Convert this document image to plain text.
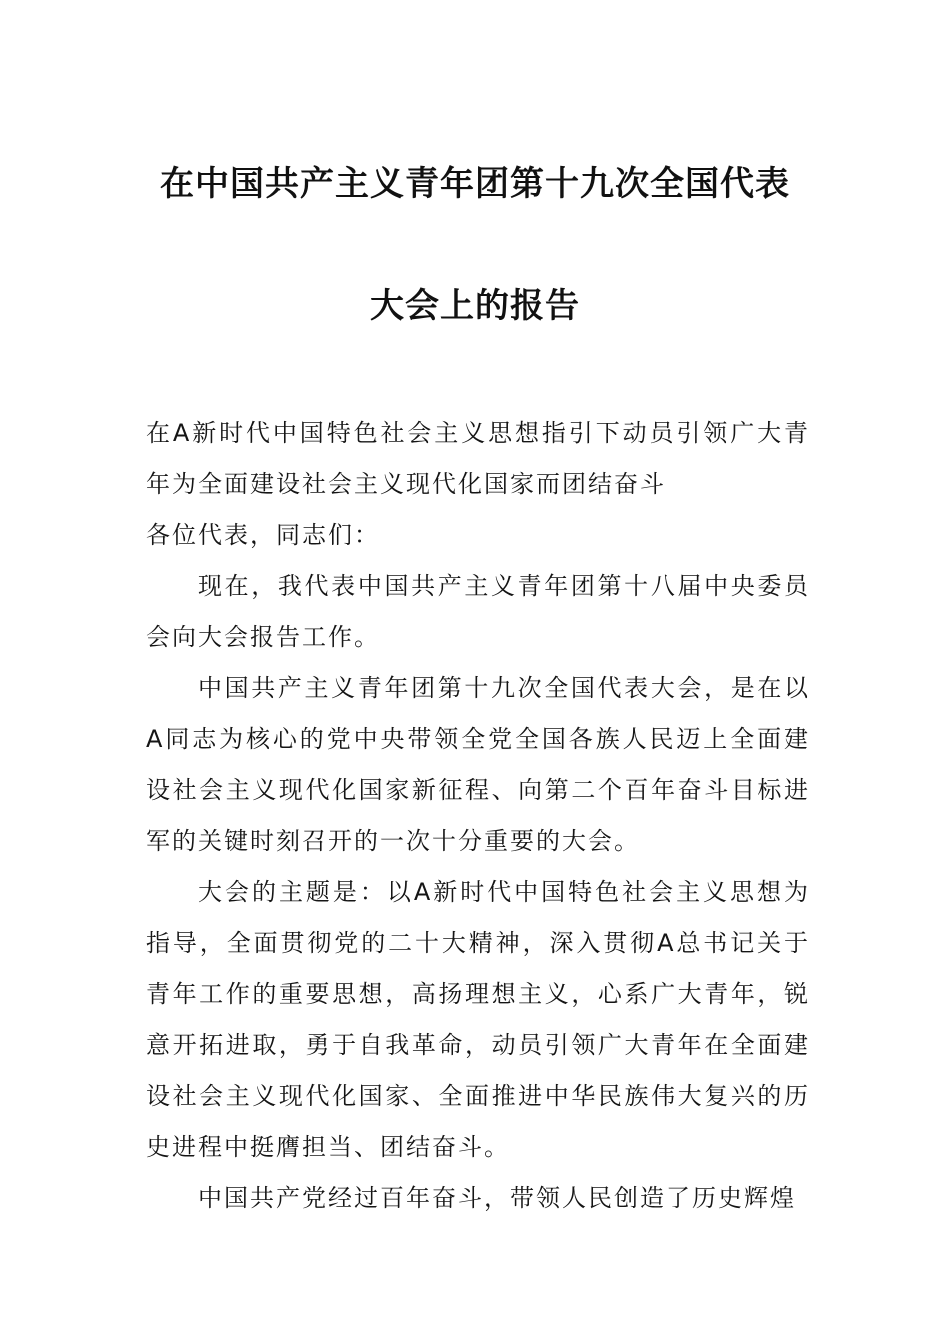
在中国共产主义青年团第十九次全国代表
大会上的报告

在A新时代中国特色社会主义思想指引下动员引领广大青年为全面建设社会主义现代化国家而团结奋斗

各位代表，同志们：

现在，我代表中国共产主义青年团第十八届中央委员会向大会报告工作。

中国共产主义青年团第十九次全国代表大会，是在以A同志为核心的党中央带领全党全国各族人民迈上全面建设社会主义现代化国家新征程、向第二个百年奋斗目标进军的关键时刻召开的一次十分重要的大会。

大会的主题是：以A新时代中国特色社会主义思想为指导，全面贯彻党的二十大精神，深入贯彻A总书记关于青年工作的重要思想，高扬理想主义，心系广大青年，锐意开拓进取，勇于自我革命，动员引领广大青年在全面建设社会主义现代化国家、全面推进中华民族伟大复兴的历史进程中挺膺担当、团结奋斗。

中国共产党经过百年奋斗，带领人民创造了历史辉煌
